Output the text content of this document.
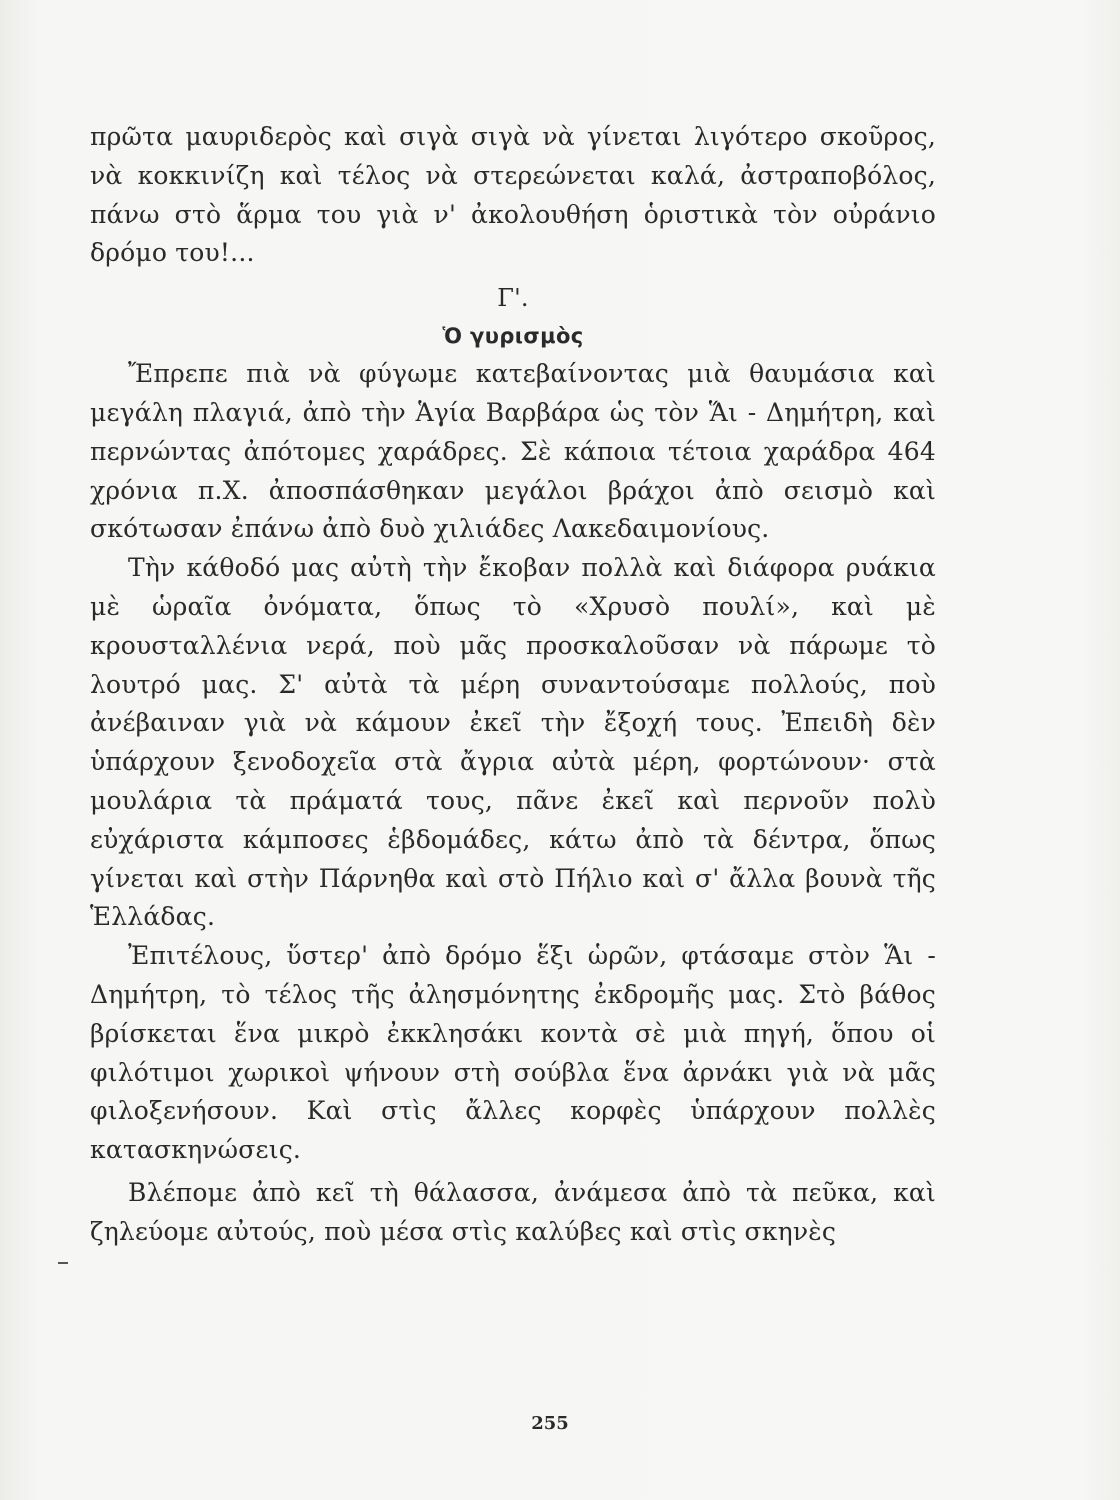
πρῶτα μαυριδερὸς καὶ σιγὰ σιγὰ νὰ γίνεται λιγότερο σκοῦρος, νὰ κοκκινίζη καὶ τέλος νὰ στερεώνεται καλά, ἀστραποβόλος, πάνω στὸ ἅρμα του γιὰ ν' ἀκολουθήση ὁριστικὰ τὸν οὐράνιο δρόμο του!...

Γ'.
Ὁ γυρισμὸς

Ἔπρεπε πιὰ νὰ φύγωμε κατεβαίνοντας μιὰ θαυμάσια καὶ μεγάλη πλαγιά, ἀπὸ τὴν Ἁγία Βαρβάρα ὡς τὸν Ἅι - Δημήτρη, καὶ περνώντας ἀπότομες χαράδρες. Σὲ κάποια τέτοια χαράδρα 464 χρόνια π.Χ. ἀποσπάσθηκαν μεγάλοι βράχοι ἀπὸ σεισμὸ καὶ σκότωσαν ἐπάνω ἀπὸ δυὸ χιλιάδες Λακεδαιμονίους.

Τὴν κάθοδό μας αὐτὴ τὴν ἔκοβαν πολλὰ καὶ διάφορα ρυάκια μὲ ὡραῖα ὀνόματα, ὅπως τὸ «Χρυσὸ πουλί», καὶ μὲ κρουσταλλένια νερά, ποὺ μᾶς προσκαλοῦσαν νὰ πάρωμε τὸ λουτρό μας. Σ' αὐτὰ τὰ μέρη συναντούσαμε πολλούς, ποὺ ἀνέβαιναν γιὰ νὰ κάμουν ἐκεῖ τὴν ἔξοχή τους. Ἐπειδὴ δὲν ὑπάρχουν ξενοδοχεῖα στὰ ἄγρια αὐτὰ μέρη, φορτώνουν· στὰ μουλάρια τὰ πράματά τους, πᾶνε ἐκεῖ καὶ περνοῦν πολὺ εὐχάριστα κάμποσες ἑβδομάδες, κάτω ἀπὸ τὰ δέντρα, ὅπως γίνεται καὶ στὴν Πάρνηθα καὶ στὸ Πήλιο καὶ σ' ἄλλα βουνὰ τῆς Ἑλλάδας.

Ἐπιτέλους, ὕστερ' ἀπὸ δρόμο ἕξι ὡρῶν, φτάσαμε στὸν Ἅι - Δημήτρη, τὸ τέλος τῆς ἀλησμόνητης ἐκδρομῆς μας. Στὸ βάθος βρίσκεται ἕνα μικρὸ ἐκκλησάκι κοντὰ σὲ μιὰ πηγή, ὅπου οἱ φιλότιμοι χωρικοὶ ψήνουν στὴ σούβλα ἕνα ἀρνάκι γιὰ νὰ μᾶς φιλοξενήσουν. Καὶ στὶς ἄλλες κορφὲς ὑπάρχουν πολλὲς κατασκηνώσεις.

Βλέπομε ἀπὸ κεῖ τὴ θάλασσα, ἀνάμεσα ἀπὸ τὰ πεῦκα, καὶ ζηλεύομε αὐτούς, ποὺ μέσα στὶς καλύβες καὶ στὶς σκηνὲς

255
